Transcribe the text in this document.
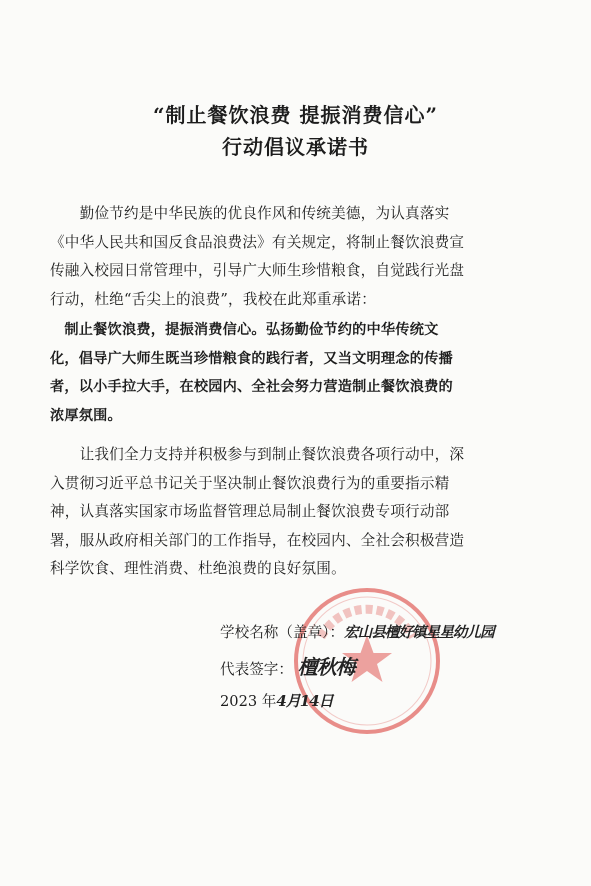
“制止餐饮浪费 提振消费信心”
行动倡议承诺书
　　勤俭节约是中华民族的优良作风和传统美德，为认真落实
《中华人民共和国反食品浪费法》有关规定，将制止餐饮浪费宣
传融入校园日常管理中，引导广大师生珍惜粮食，自觉践行光盘
行动，杜绝“舌尖上的浪费”，我校在此郑重承诺：
　制止餐饮浪费，提振消费信心。弘扬勤俭节约的中华传统文
化，倡导广大师生既当珍惜粮食的践行者，又当文明理念的传播
者，以小手拉大手，在校园内、全社会努力营造制止餐饮浪费的
浓厚氛围。
　　让我们全力支持并积极参与到制止餐饮浪费各项行动中，深
入贯彻习近平总书记关于坚决制止餐饮浪费行为的重要指示精
神，认真落实国家市场监督管理总局制止餐饮浪费专项行动部
署，服从政府相关部门的工作指导，在校园内、全社会积极营造
科学饮食、理性消费、杜绝浪费的良好氛围。
学校名称（盖章）：宏山县檀好镇星星幼儿园
代表签字： 檀秋梅
2023 年4月14日
